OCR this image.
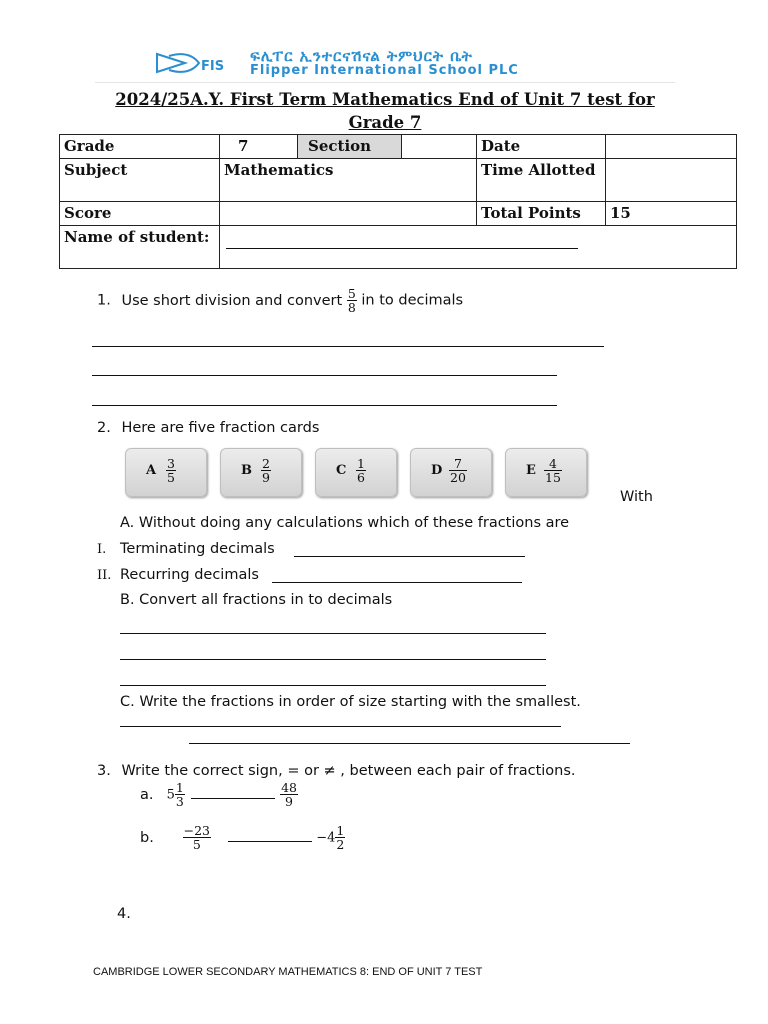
FIS
ፍሊፐር ኢንተርናሽናል ትምህርት ቤት
Flipper International School PLC
2024/25A.Y. First Term Mathematics End of Unit 7 test for
Grade 7
Grade	7	Section		Date	
Subject	Mathematics			Time Allotted	
Score				Total Points	15
Name of student:					
1. Use short division and convert $\frac{5}{8}$ in to decimals
2. Here are five fraction cards
A $\frac{3}{5}$	B $\frac{2}{9}$	C $\frac{1}{6}$	D $\frac{7}{20}$	E $\frac{4}{15}$
With
A. Without doing any calculations which of these fractions are
I. Terminating decimals
II. Recurring decimals
B. Convert all fractions in to decimals
C. Write the fractions in order of size starting with the smallest.
3. Write the correct sign, = or ≠ , between each pair of fractions.
a. $5 \frac{1}{3}$
	$\frac{48}{9}$
b. $\frac{-23}{5}$	$-4 \frac{1}{2}$
4.
CAMBRIDGE LOWER SECONDARY MATHEMATICS 8: END OF UNIT 7 TEST
